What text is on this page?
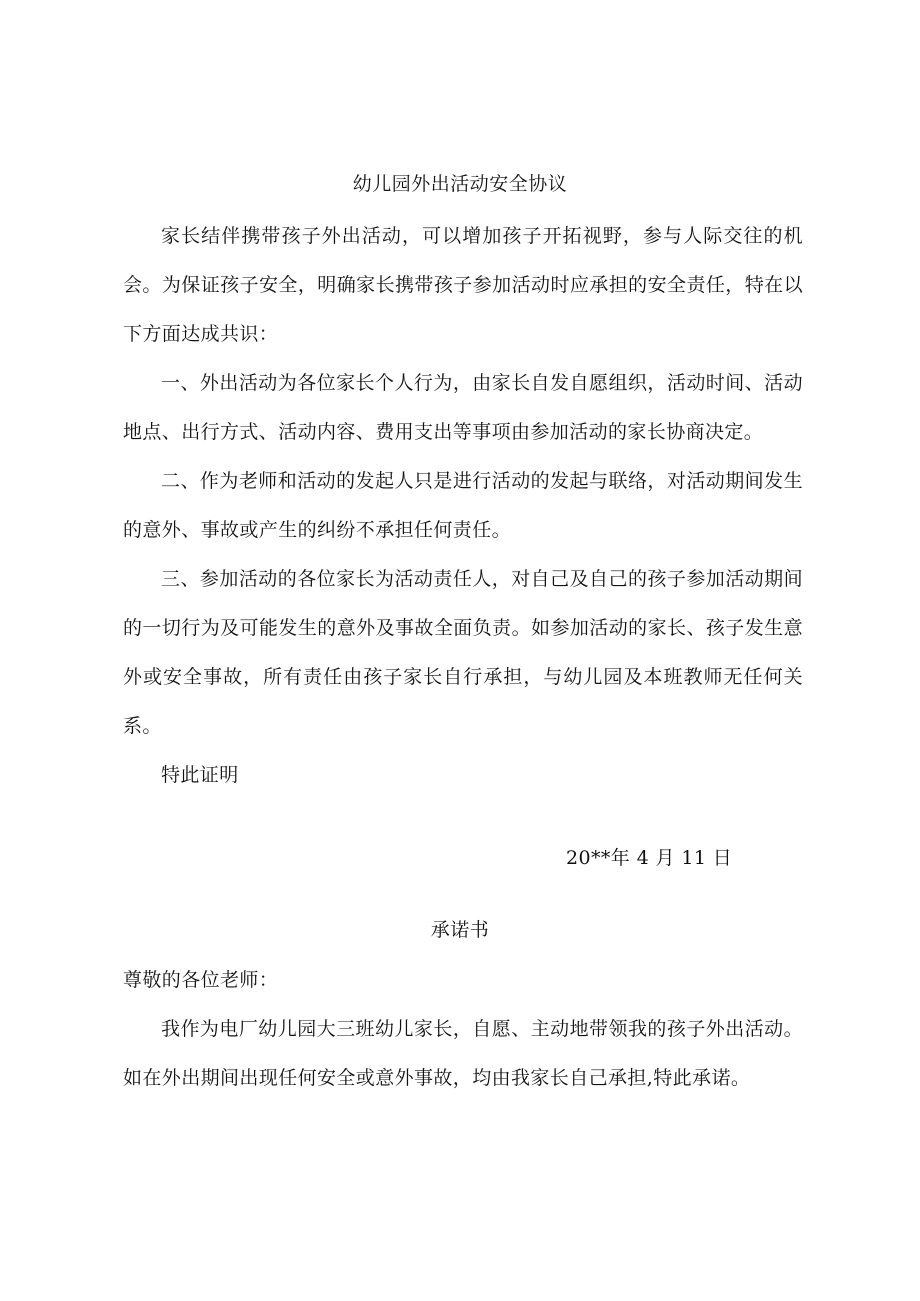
幼儿园外出活动安全协议

家长结伴携带孩子外出活动，可以增加孩子开拓视野，参与人际交往的机会。为保证孩子安全，明确家长携带孩子参加活动时应承担的安全责任，特在以下方面达成共识：

一、外出活动为各位家长个人行为，由家长自发自愿组织，活动时间、活动地点、出行方式、活动内容、费用支出等事项由参加活动的家长协商决定。

二、作为老师和活动的发起人只是进行活动的发起与联络，对活动期间发生的意外、事故或产生的纠纷不承担任何责任。

三、参加活动的各位家长为活动责任人，对自己及自己的孩子参加活动期间的一切行为及可能发生的意外及事故全面负责。如参加活动的家长、孩子发生意外或安全事故，所有责任由孩子家长自行承担，与幼儿园及本班教师无任何关系。

特此证明

20**年 4 月 11 日
承诺书

尊敬的各位老师：

我作为电厂幼儿园大三班幼儿家长，自愿、主动地带领我的孩子外出活动。如在外出期间出现任何安全或意外事故，均由我家长自己承担,特此承诺。
